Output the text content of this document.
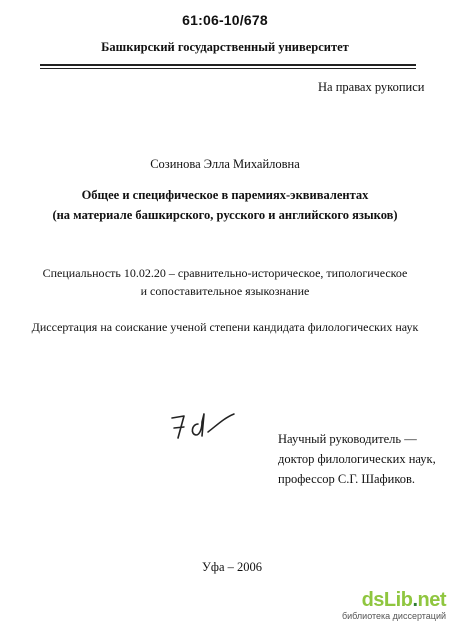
61:06-10/678
Башкирский государственный университет
На правах рукописи
Созинова Элла Михайловна
Общее и специфическое в паремиях-эквивалентах
(на материале башкирского, русского и английского языков)
Специальность 10.02.20 – сравнительно-историческое, типологическое
и сопоставительное языкознание
Диссертация на соискание ученой степени кандидата филологических наук
Научный руководитель —
доктор филологических наук,
профессор С.Г. Шафиков.
Уфа – 2006
dsLib.net
библиотека диссертаций
